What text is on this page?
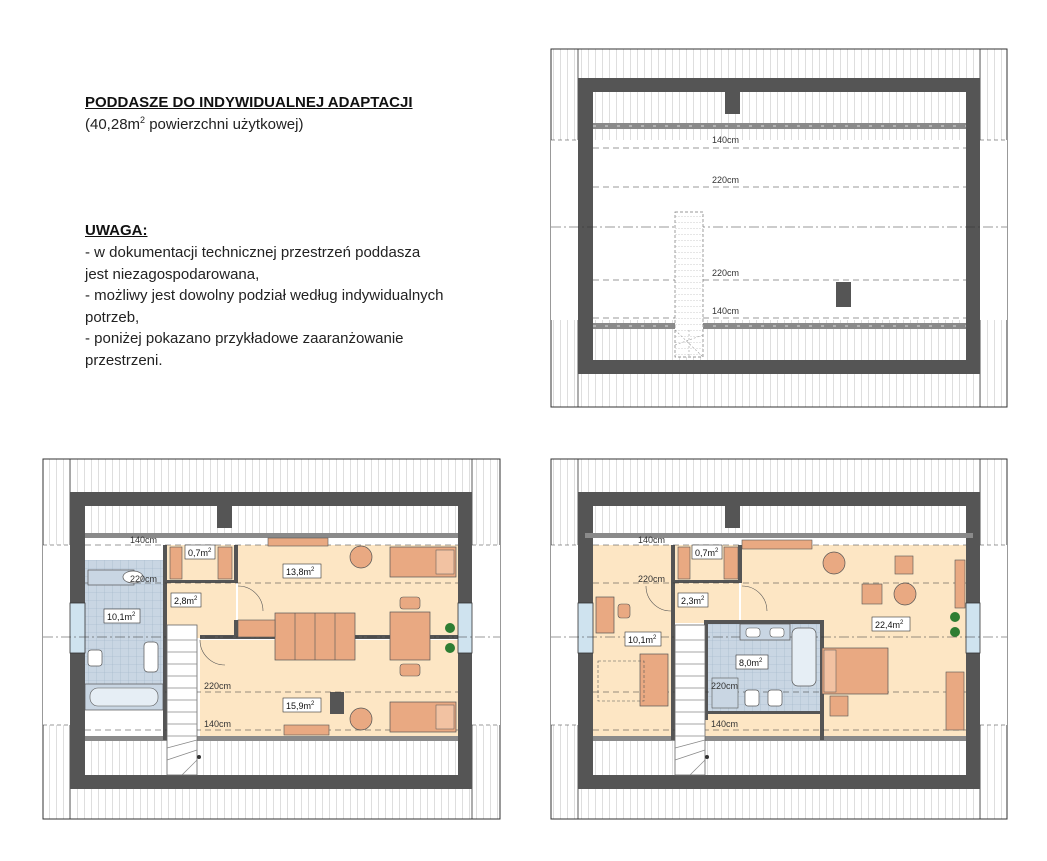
PODDASZE DO INDYWIDUALNEJ ADAPTACJI
($40,28m^2$ powierzchni użytkowej)
UWAGA:
- w dokumentacji technicznej przestrzeń poddasza
jest niezagospodarowana,
- możliwy jest dowolny podział według indywidualnych
potrzeb,
- poniżej pokazano przykładowe zaaranżowanie
przestrzeni.
140cm
220cm
220cm
140cm
140cm
220cm
220cm
140cm
$0,7m^2$
$13,8m^2$
$10,1m^2$
$2,8m^2$
$15,9m^2$
140cm
220cm
220cm
140cm
$0,7m^2$
$2,3m^2$
$10,1m^2$
$8,0m^2$
$22,4m^2$
